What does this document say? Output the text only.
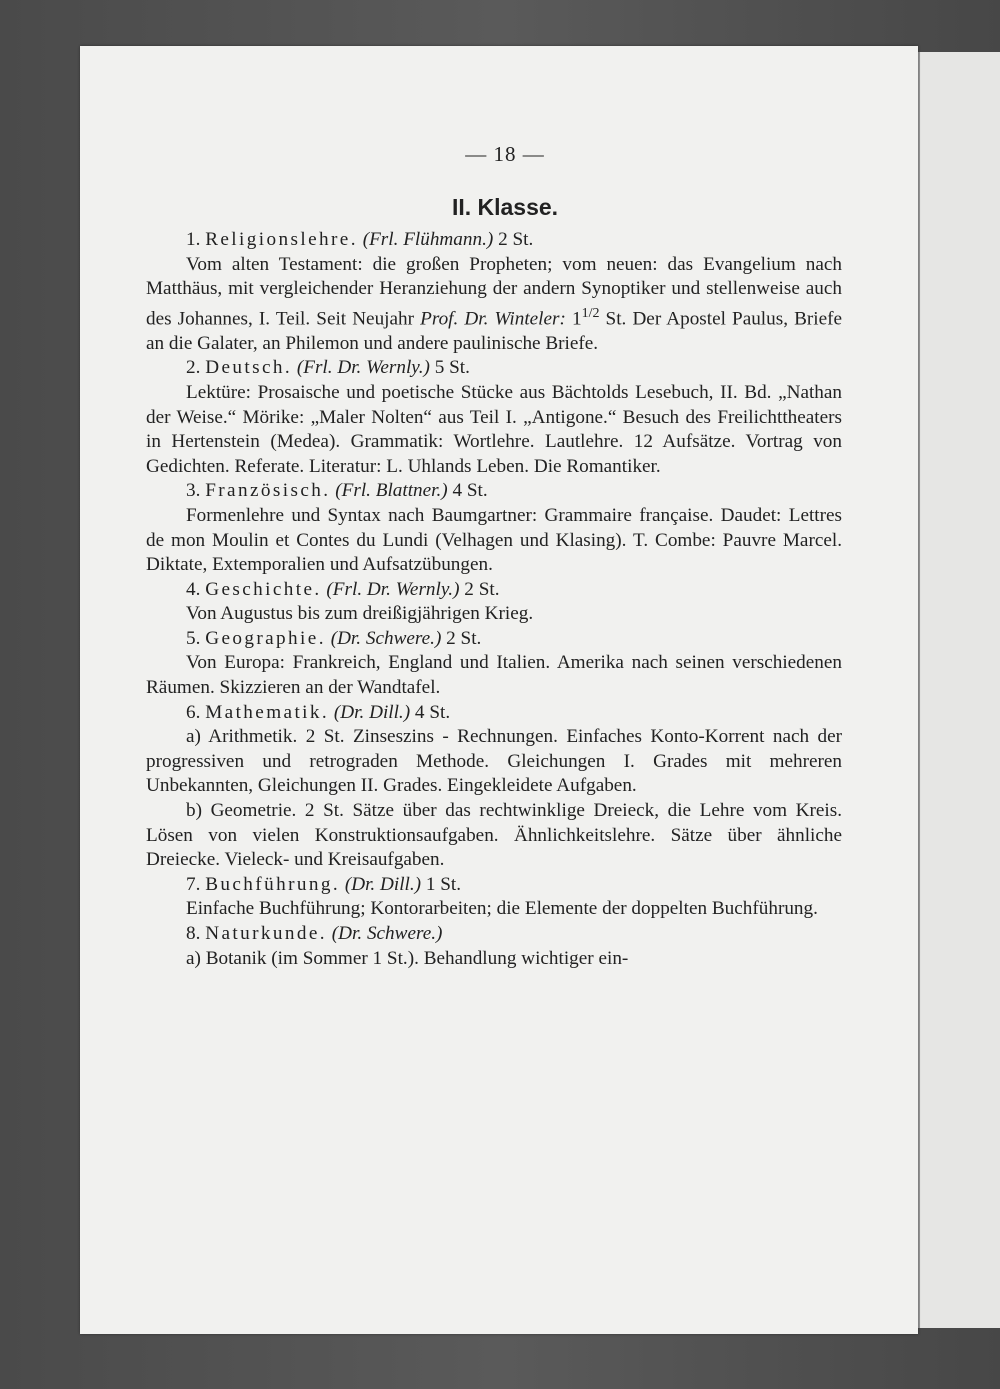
— 18 —
II. Klasse.

1. Religionslehre. (Frl. Flühmann.) 2 St.

Vom alten Testament: die großen Propheten; vom neuen: das Evangelium nach Matthäus, mit vergleichender Heranziehung der andern Synoptiker und stellenweise auch des Johannes, I. Teil. Seit Neujahr Prof. Dr. Winteler: $1^{1/2}$ St. Der Apostel Paulus, Briefe an die Galater, an Philemon und andere paulinische Briefe.

2. Deutsch. (Frl. Dr. Wernly.) 5 St.

Lektüre: Prosaische und poetische Stücke aus Bächtolds Lesebuch, II. Bd. „Nathan der Weise.“ Mörike: „Maler Nolten“ aus Teil I. „Antigone.“ Besuch des Freilichttheaters in Hertenstein (Medea). Grammatik: Wortlehre. Lautlehre. 12 Aufsätze. Vortrag von Gedichten. Referate. Literatur: L. Uhlands Leben. Die Romantiker.

3. Französisch. (Frl. Blattner.) 4 St.

Formenlehre und Syntax nach Baumgartner: Grammaire française. Daudet: Lettres de mon Moulin et Contes du Lundi (Velhagen und Klasing). T. Combe: Pauvre Marcel. Diktate, Extemporalien und Aufsatzübungen.

4. Geschichte. (Frl. Dr. Wernly.) 2 St.

Von Augustus bis zum dreißigjährigen Krieg.

5. Geographie. (Dr. Schwere.) 2 St.

Von Europa: Frankreich, England und Italien. Amerika nach seinen verschiedenen Räumen. Skizzieren an der Wandtafel.

6. Mathematik. (Dr. Dill.) 4 St.

a) Arithmetik. 2 St. Zinseszins - Rechnungen. Einfaches Konto-Korrent nach der progressiven und retrograden Methode. Gleichungen I. Grades mit mehreren Unbekannten, Gleichungen II. Grades. Eingekleidete Aufgaben.

b) Geometrie. 2 St. Sätze über das rechtwinklige Dreieck, die Lehre vom Kreis. Lösen von vielen Konstruktionsaufgaben. Ähnlichkeitslehre. Sätze über ähnliche Dreiecke. Vieleck- und Kreisaufgaben.

7. Buchführung. (Dr. Dill.) 1 St.

Einfache Buchführung; Kontorarbeiten; die Elemente der doppelten Buchführung.

8. Naturkunde. (Dr. Schwere.)

a) Botanik (im Sommer 1 St.). Behandlung wichtiger ein-
